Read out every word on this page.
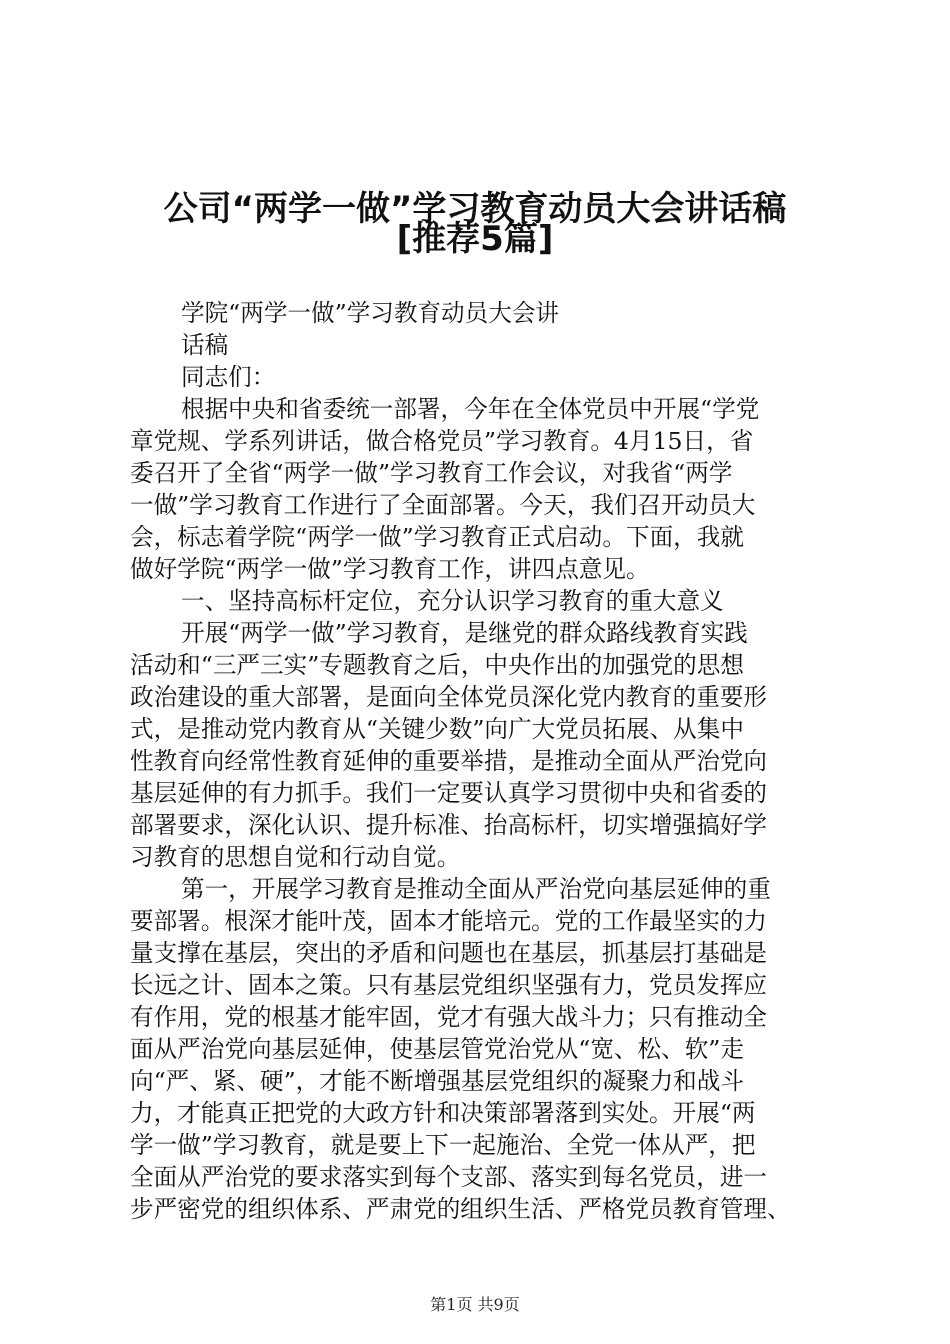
公司“两学一做”学习教育动员大会讲话稿
[推荐5篇]
学院“两学一做”学习教育动员大会讲
话稿
同志们：
根据中央和省委统一部署，今年在全体党员中开展“学党
章党规、学系列讲话，做合格党员”学习教育。4月15日，省
委召开了全省“两学一做”学习教育工作会议，对我省“两学
一做”学习教育工作进行了全面部署。今天，我们召开动员大
会，标志着学院“两学一做”学习教育正式启动。下面，我就
做好学院“两学一做”学习教育工作，讲四点意见。
一、坚持高标杆定位，充分认识学习教育的重大意义
开展“两学一做”学习教育，是继党的群众路线教育实践
活动和“三严三实”专题教育之后，中央作出的加强党的思想
政治建设的重大部署，是面向全体党员深化党内教育的重要形
式，是推动党内教育从“关键少数”向广大党员拓展、从集中
性教育向经常性教育延伸的重要举措，是推动全面从严治党向
基层延伸的有力抓手。我们一定要认真学习贯彻中央和省委的
部署要求，深化认识、提升标准、抬高标杆，切实增强搞好学
习教育的思想自觉和行动自觉。
第一，开展学习教育是推动全面从严治党向基层延伸的重
要部署。根深才能叶茂，固本才能培元。党的工作最坚实的力
量支撑在基层，突出的矛盾和问题也在基层，抓基层打基础是
长远之计、固本之策。只有基层党组织坚强有力，党员发挥应
有作用，党的根基才能牢固，党才有强大战斗力；只有推动全
面从严治党向基层延伸，使基层管党治党从“宽、松、软”走
向“严、紧、硬”，才能不断增强基层党组织的凝聚力和战斗
力，才能真正把党的大政方针和决策部署落到实处。开展“两
学一做”学习教育，就是要上下一起施治、全党一体从严，把
全面从严治党的要求落实到每个支部、落实到每名党员，进一
步严密党的组织体系、严肃党的组织生活、严格党员教育管理、
第1页 共9页
